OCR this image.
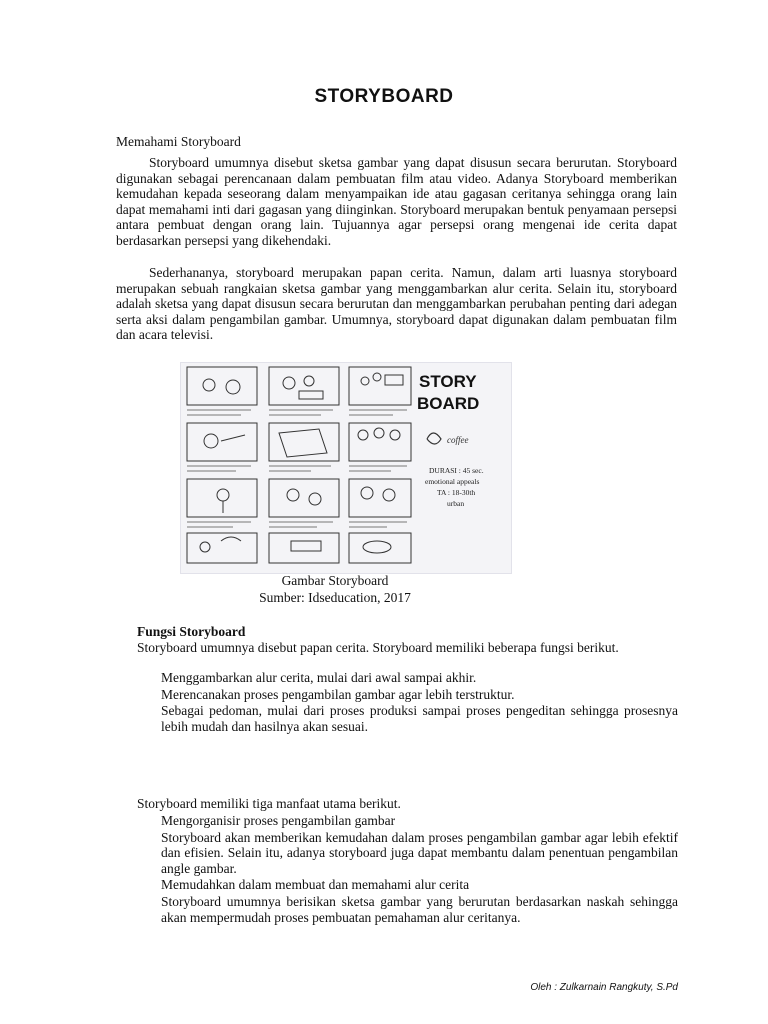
STORYBOARD
Memahami Storyboard

Storyboard umumnya disebut sketsa gambar yang dapat disusun secara berurutan. Storyboard digunakan sebagai perencanaan dalam pembuatan film atau video. Adanya Storyboard memberikan kemudahan kepada seseorang dalam menyampaikan ide atau gagasan ceritanya sehingga orang lain dapat memahami inti dari gagasan yang diinginkan. Storyboard merupakan bentuk penyamaan persepsi antara pembuat dengan orang lain. Tujuannya agar persepsi orang mengenai ide cerita dapat berdasarkan persepsi yang dikehendaki.

Sederhananya, storyboard merupakan papan cerita. Namun, dalam arti luasnya storyboard merupakan sebuah rangkaian sketsa gambar yang menggambarkan alur cerita. Selain itu, storyboard adalah sketsa yang dapat disusun secara berurutan dan menggambarkan perubahan penting dari adegan serta aksi dalam pengambilan gambar. Umumnya, storyboard dapat digunakan dalam pembuatan film dan acara televisi.

STORY
BOARD
coffee
DURASI : 45 sec.
emotional appeals
TA : 18-30th
urban
Gambar Storyboard
Sumber: Idseducation, 2017
Fungsi Storyboard

Storyboard umumnya disebut papan cerita. Storyboard memiliki beberapa fungsi berikut.

Menggambarkan alur cerita, mulai dari awal sampai akhir.
Merencanakan proses pengambilan gambar agar lebih terstruktur.
Sebagai pedoman, mulai dari proses produksi sampai proses pengeditan sehingga prosesnya lebih mudah dan hasilnya akan sesuai.
Storyboard memiliki tiga manfaat utama berikut.
Mengorganisir proses pengambilan gambar
Storyboard akan memberikan kemudahan dalam proses pengambilan gambar agar lebih efektif dan efisien. Selain itu, adanya storyboard juga dapat membantu dalam penentuan pengambilan angle gambar.
Memudahkan dalam membuat dan memahami alur cerita
Storyboard umumnya berisikan sketsa gambar yang berurutan berdasarkan naskah sehingga akan mempermudah proses pembuatan pemahaman alur ceritanya.
Oleh : Zulkarnain Rangkuty, S.Pd
